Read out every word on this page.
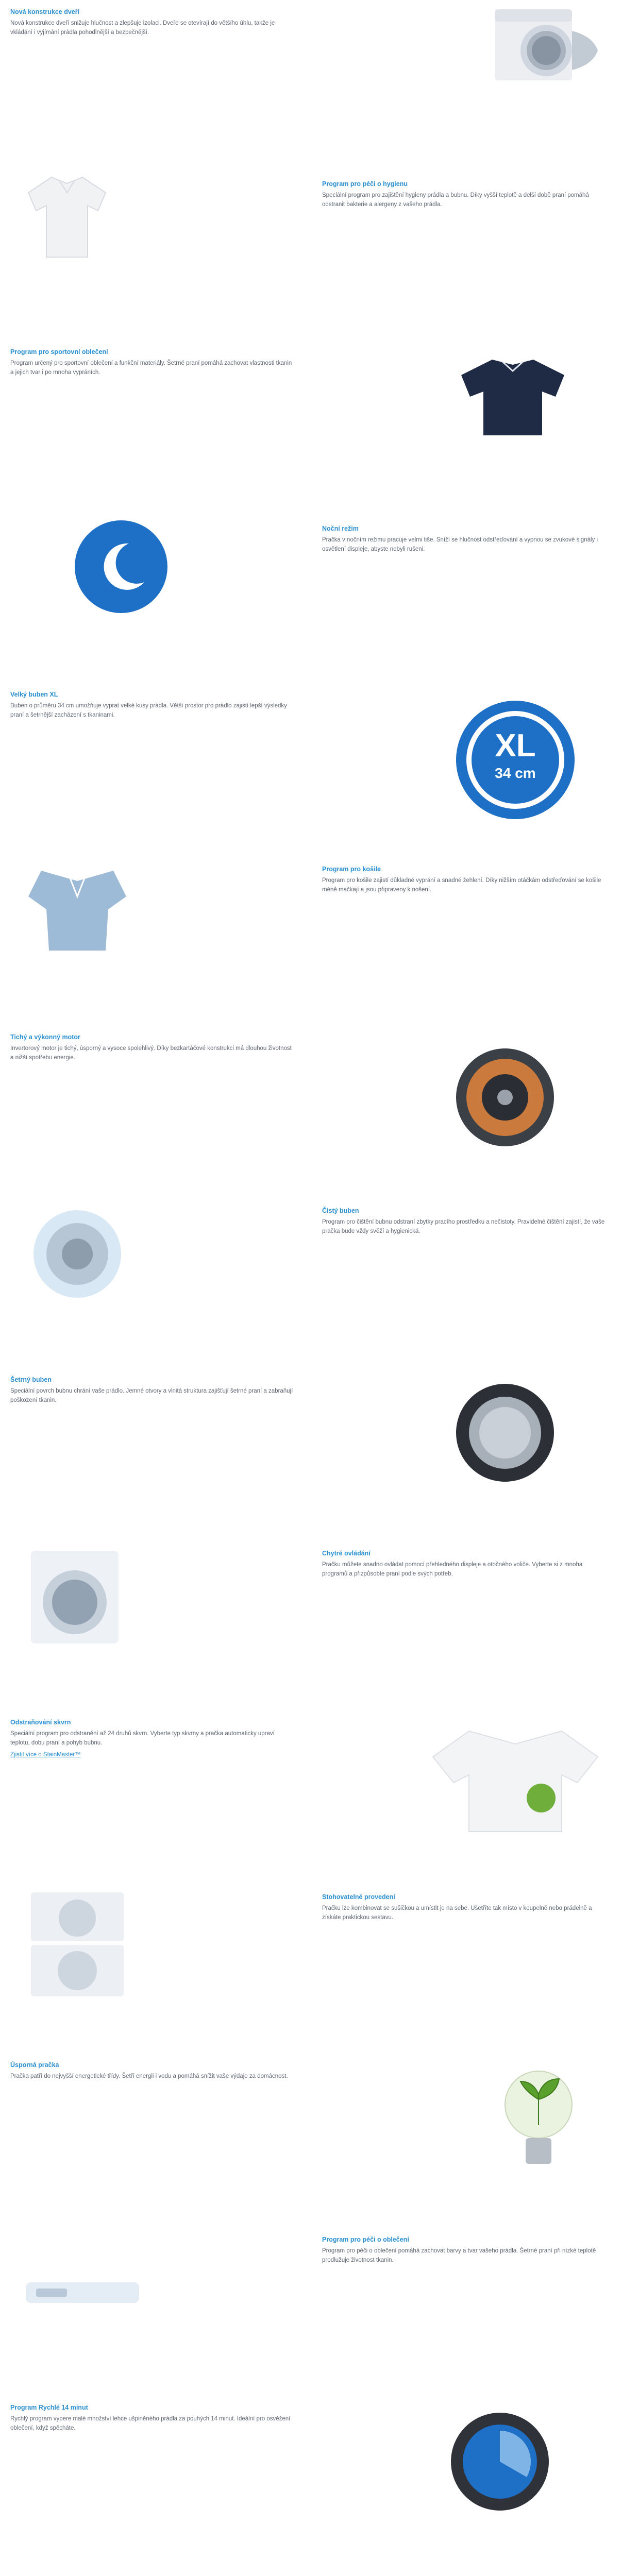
Nová konstrukce dveří
Nová konstrukce dveří snižuje hlučnost a zlepšuje izolaci. Dveře se otevírají do většího úhlu, takže je vkládání i vyjímání prádla pohodlnější a bezpečnější.
Program pro péči o hygienu
Speciální program pro zajištění hygieny prádla a bubnu. Díky vyšší teplotě a delší době praní pomáhá odstranit bakterie a alergeny z vašeho prádla.
Program pro sportovní oblečení
Program určený pro sportovní oblečení a funkční materiály. Šetrné praní pomáhá zachovat vlastnosti tkanin a jejich tvar i po mnoha vypráních.
Noční režim
Pračka v nočním režimu pracuje velmi tiše. Sníží se hlučnost odstřeďování a vypnou se zvukové signály i osvětlení displeje, abyste nebyli rušeni.
Velký buben XL
Buben o průměru 34 cm umožňuje vyprat velké kusy prádla. Větší prostor pro prádlo zajistí lepší výsledky praní a šetrnější zacházení s tkaninami.
XL
34 cm
Program pro košile
Program pro košile zajistí důkladné vyprání a snadné žehlení. Díky nižším otáčkám odstřeďování se košile méně mačkají a jsou připraveny k nošení.
Tichý a výkonný motor
Invertorový motor je tichý, úsporný a vysoce spolehlivý. Díky bezkartáčové konstrukci má dlouhou životnost a nižší spotřebu energie.
Čistý buben
Program pro čištění bubnu odstraní zbytky pracího prostředku a nečistoty. Pravidelné čištění zajistí, že vaše pračka bude vždy svěží a hygienická.
Šetrný buben
Speciální povrch bubnu chrání vaše prádlo. Jemné otvory a vlnitá struktura zajišťují šetrné praní a zabraňují poškození tkanin.
Chytré ovládání
Pračku můžete snadno ovládat pomocí přehledného displeje a otočného voliče. Vyberte si z mnoha programů a přizpůsobte praní podle svých potřeb.
Odstraňování skvrn
Speciální program pro odstranění až 24 druhů skvrn. Vyberte typ skvrny a pračka automaticky upraví teplotu, dobu praní a pohyb bubnu.
Zjistit více o StainMaster™
Stohovatelné provedení
Pračku lze kombinovat se sušičkou a umístit je na sebe. Ušetříte tak místo v koupelně nebo prádelně a získáte praktickou sestavu.
Úsporná pračka
Pračka patří do nejvyšší energetické třídy. Šetří energii i vodu a pomáhá snížit vaše výdaje za domácnost.
Program pro péči o oblečení
Program pro péči o oblečení pomáhá zachovat barvy a tvar vašeho prádla. Šetrné praní při nízké teplotě prodlužuje životnost tkanin.
Program Rychlé 14 minut
Rychlý program vypere malé množství lehce ušpiněného prádla za pouhých 14 minut. Ideální pro osvěžení oblečení, když spěcháte.
